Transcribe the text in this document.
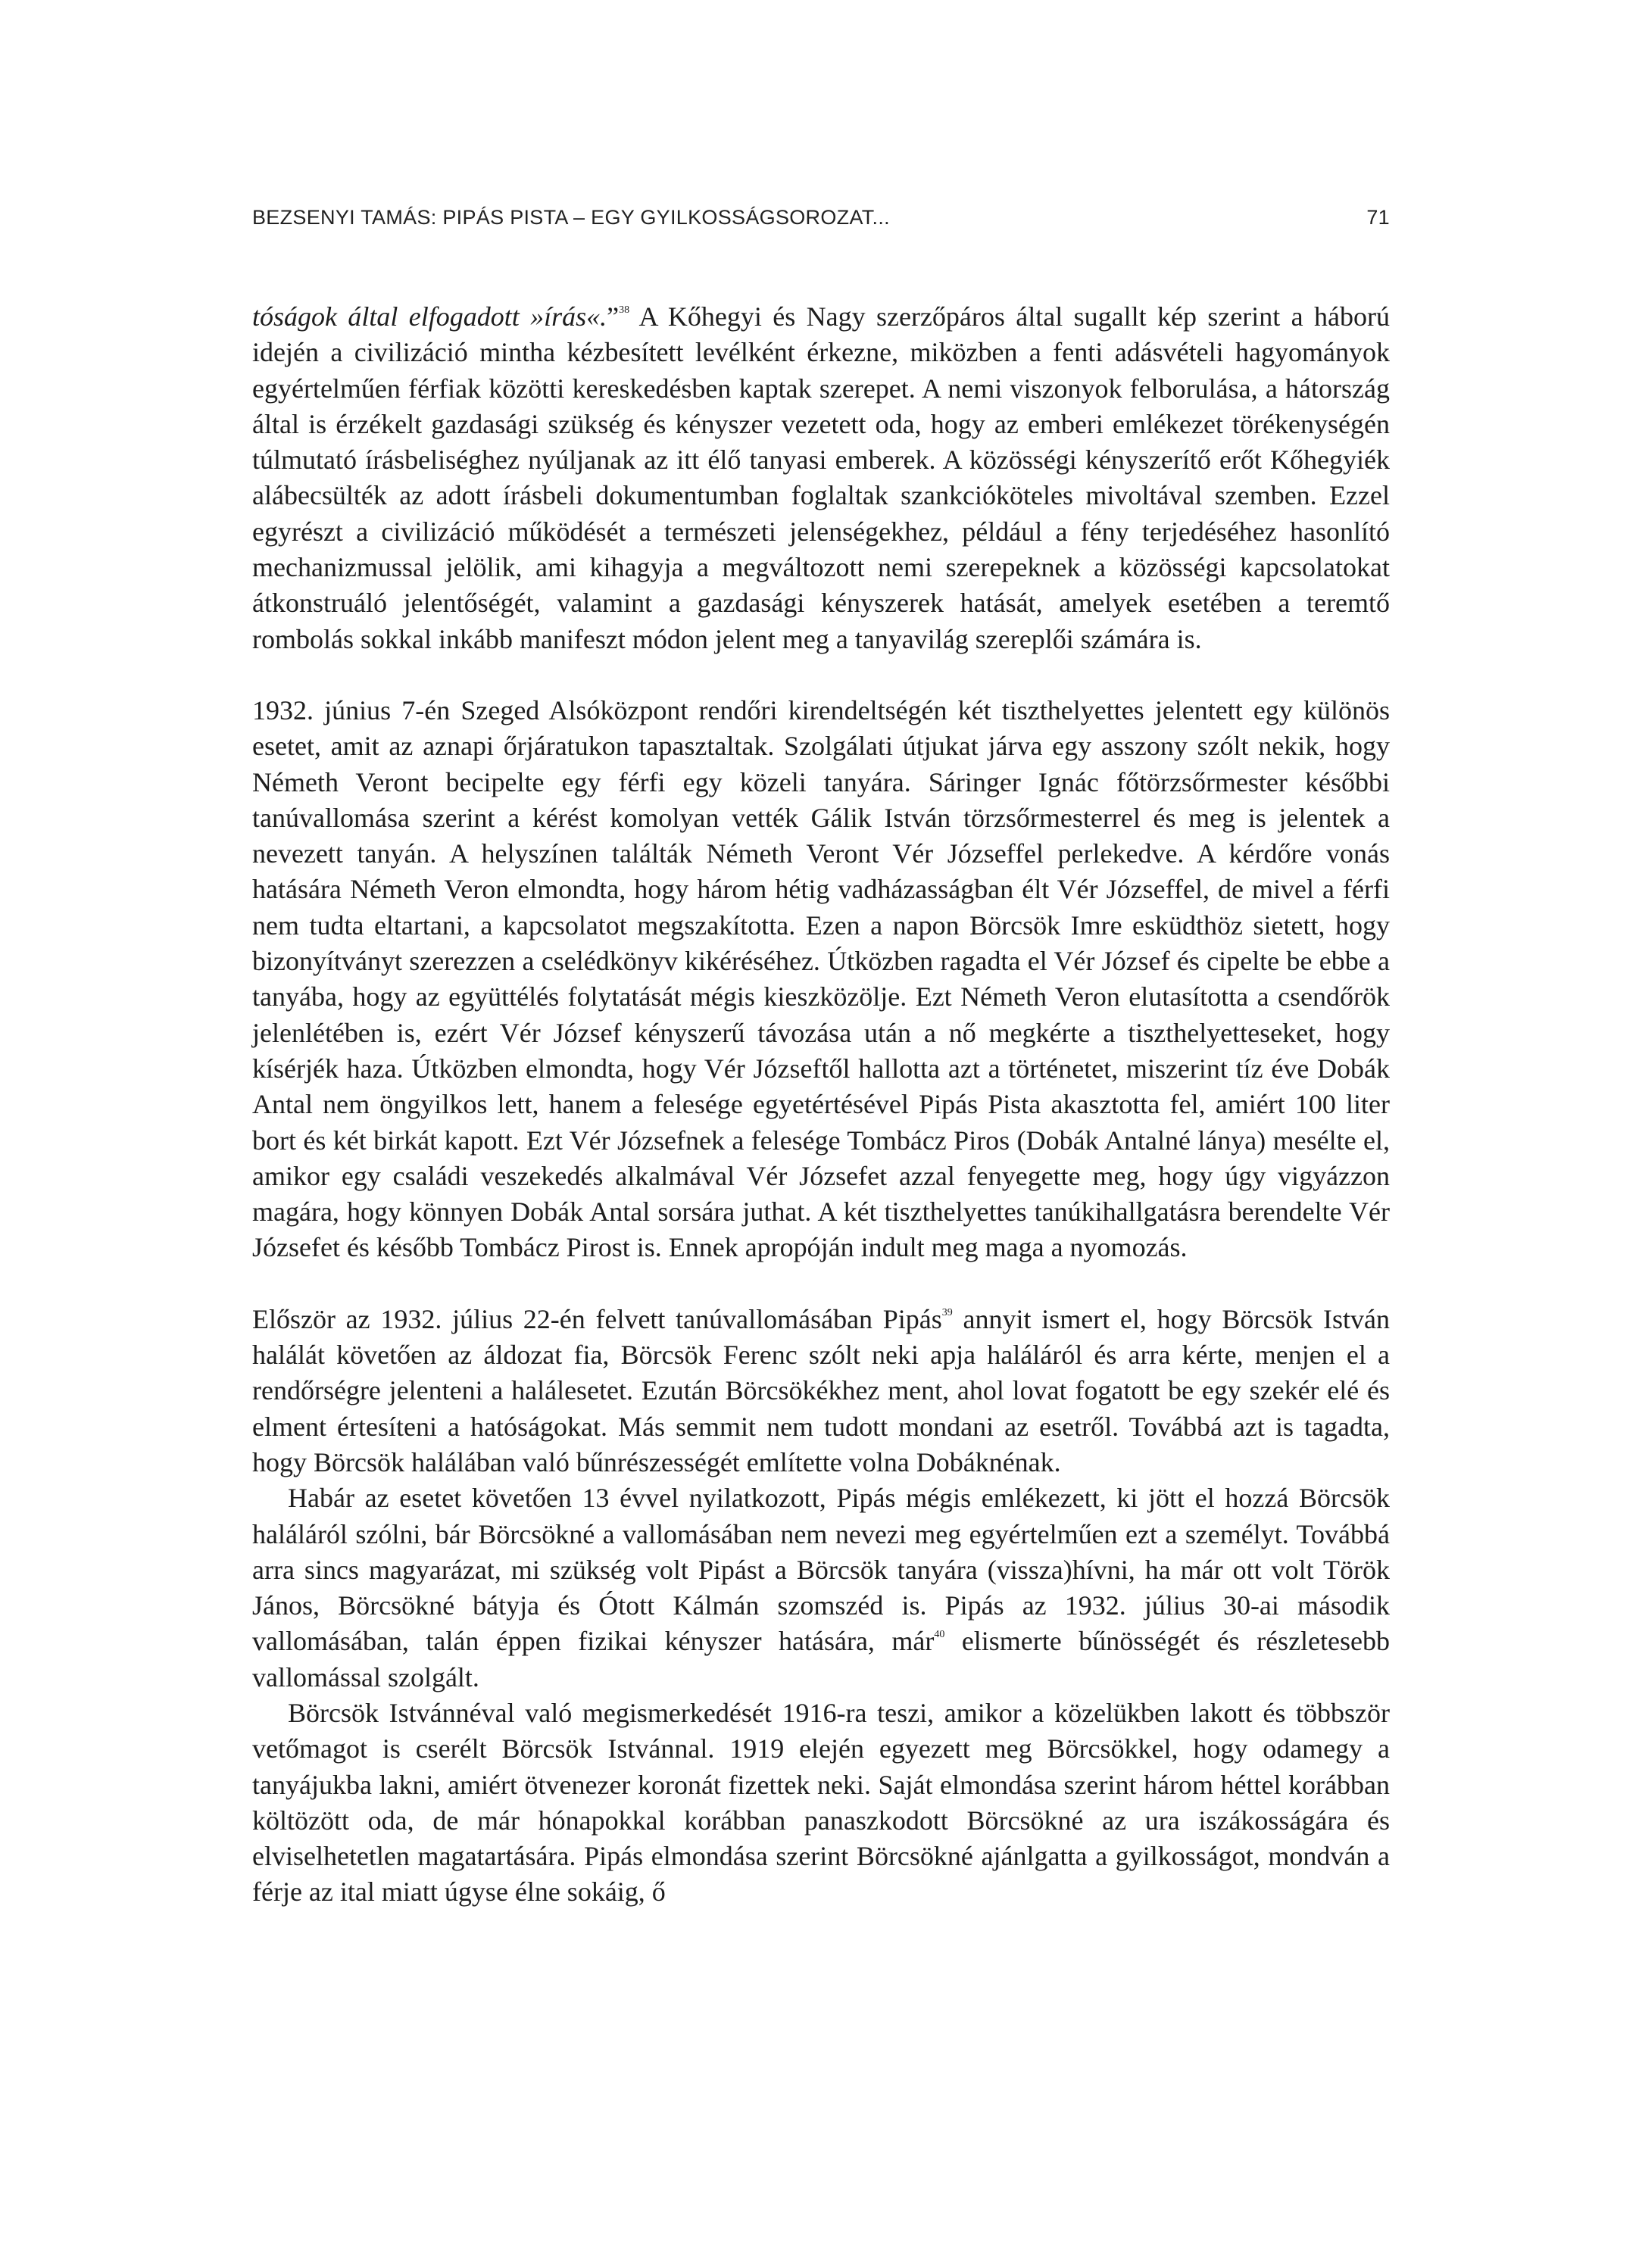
BEZSENYI TAMÁS: PIPÁS PISTA – EGY GYILKOSSÁGSOROZAT...	71

tóságok által elfogadott »írás«.”$^{38}$ A Kőhegyi és Nagy szerzőpáros által sugallt kép szerint a háború idején a civilizáció mintha kézbesített levélként érkezne, miközben a fenti adásvételi hagyományok egyértelműen férfiak közötti kereskedésben kaptak szerepet. A nemi viszonyok felborulása, a hátország által is érzékelt gazdasági szükség és kényszer vezetett oda, hogy az emberi emlékezet törékenységén túlmutató írásbeliséghez nyúljanak az itt élő tanyasi emberek. A közösségi kényszerítő erőt Kőhegyiék alábecsülték az adott írásbeli dokumentumban foglaltak szankcióköteles mivoltával szemben. Ezzel egyrészt a civilizáció működését a természeti jelenségekhez, például a fény terjedéséhez hasonlító mechanizmussal jelölik, ami kihagyja a megváltozott nemi szerepeknek a közösségi kapcsolatokat átkonstruáló jelentőségét, valamint a gazdasági kényszerek hatását, amelyek esetében a teremtő rombolás sokkal inkább manifeszt módon jelent meg a tanyavilág szereplői számára is.

1932. június 7-én Szeged Alsóközpont rendőri kirendeltségén két tiszthelyettes jelentett egy különös esetet, amit az aznapi őrjáratukon tapasztaltak. Szolgálati útjukat járva egy asszony szólt nekik, hogy Németh Veront becipelte egy férfi egy közeli tanyára. Sáringer Ignác főtörzsőrmester későbbi tanúvallomása szerint a kérést komolyan vették Gálik István törzsőrmesterrel és meg is jelentek a nevezett tanyán. A helyszínen találták Németh Veront Vér Józseffel perlekedve. A kérdőre vonás hatására Németh Veron elmondta, hogy három hétig vadházasságban élt Vér Józseffel, de mivel a férfi nem tudta eltartani, a kapcsolatot megszakította. Ezen a napon Börcsök Imre esküdthöz sietett, hogy bizonyítványt szerezzen a cselédkönyv kikéréséhez. Útközben ragadta el Vér József és cipelte be ebbe a tanyába, hogy az együttélés folytatását mégis kieszközölje. Ezt Németh Veron elutasította a csendőrök jelenlétében is, ezért Vér József kényszerű távozása után a nő megkérte a tiszthelyetteseket, hogy kísérjék haza. Útközben elmondta, hogy Vér Józseftől hallotta azt a történetet, miszerint tíz éve Dobák Antal nem öngyilkos lett, hanem a felesége egyetértésével Pipás Pista akasztotta fel, amiért 100 liter bort és két birkát kapott. Ezt Vér Józsefnek a felesége Tombácz Piros (Dobák Antalné lánya) mesélte el, amikor egy családi veszekedés alkalmával Vér Józsefet azzal fenyegette meg, hogy úgy vigyázzon magára, hogy könnyen Dobák Antal sorsára juthat. A két tiszthelyettes tanúkihallgatásra berendelte Vér Józsefet és később Tombácz Pirost is. Ennek apropóján indult meg maga a nyomozás.

Először az 1932. július 22-én felvett tanúvallomásában Pipás$^{39}$ annyit ismert el, hogy Börcsök István halálát követően az áldozat fia, Börcsök Ferenc szólt neki apja haláláról és arra kérte, menjen el a rendőrségre jelenteni a halálesetet. Ezután Börcsökékhez ment, ahol lovat fogatott be egy szekér elé és elment értesíteni a hatóságokat. Más semmit nem tudott mondani az esetről. Továbbá azt is tagadta, hogy Börcsök halálában való bűnrészességét említette volna Dobáknénak.

Habár az esetet követően 13 évvel nyilatkozott, Pipás mégis emlékezett, ki jött el hozzá Börcsök haláláról szólni, bár Börcsökné a vallomásában nem nevezi meg egyértelműen ezt a személyt. Továbbá arra sincs magyarázat, mi szükség volt Pipást a Börcsök tanyára (vissza)hívni, ha már ott volt Török János, Börcsökné bátyja és Ótott Kálmán szomszéd is. Pipás az 1932. július 30-ai második vallomásában, talán éppen fizikai kényszer hatására, már$^{40}$ elismerte bűnösségét és részletesebb vallomással szolgált.

Börcsök Istvánnéval való megismerkedését 1916-ra teszi, amikor a közelükben lakott és többször vetőmagot is cserélt Börcsök Istvánnal. 1919 elején egyezett meg Börcsökkel, hogy odamegy a tanyájukba lakni, amiért ötvenezer koronát fizettek neki. Saját elmondása szerint három héttel korábban költözött oda, de már hónapokkal korábban panaszkodott Börcsökné az ura iszákosságára és elviselhetetlen magatartására. Pipás elmondása szerint Börcsökné ajánlgatta a gyilkosságot, mondván a férje az ital miatt úgyse élne sokáig, ő
